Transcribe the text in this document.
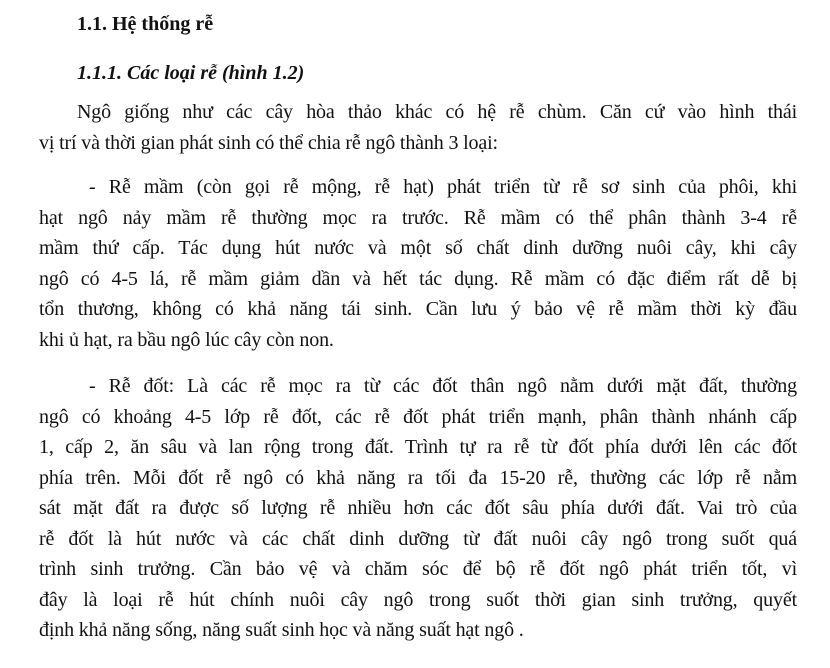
1.1. Hệ thống rễ
1.1.1. Các loại rễ (hình 1.2)
Ngô giống như các cây hòa thảo khác có hệ rễ chùm. Căn cứ vào hình thái
vị trí và thời gian phát sinh có thể chia rễ ngô thành 3 loại:
- Rễ mầm (còn gọi rễ mộng, rễ hạt) phát triển từ rễ sơ sinh của phôi, khi
hạt ngô nảy mầm rễ thường mọc ra trước. Rễ mầm có thể phân thành 3-4 rễ
mầm thứ cấp. Tác dụng hút nước và một số chất dinh dưỡng nuôi cây, khi cây
ngô có 4-5 lá, rễ mầm giảm dần và hết tác dụng. Rễ mầm có đặc điểm rất dễ bị
tổn thương, không có khả năng tái sinh. Cần lưu ý bảo vệ rễ mầm thời kỳ đầu
khi ủ hạt, ra bầu ngô lúc cây còn non.
- Rễ đốt: Là các rễ mọc ra từ các đốt thân ngô nằm dưới mặt đất, thường
ngô có khoảng 4-5 lớp rễ đốt, các rễ đốt phát triển mạnh, phân thành nhánh cấp
1, cấp 2, ăn sâu và lan rộng trong đất. Trình tự ra rễ từ đốt phía dưới lên các đốt
phía trên. Mỗi đốt rễ ngô có khả năng ra tối đa 15-20 rễ, thường các lớp rễ nằm
sát mặt đất ra được số lượng rễ nhiều hơn các đốt sâu phía dưới đất. Vai trò của
rễ đốt là hút nước và các chất dinh dưỡng từ đất nuôi cây ngô trong suốt quá
trình sinh trưởng. Cần bảo vệ và chăm sóc để bộ rễ đốt ngô phát triển tốt, vì
đây là loại rễ hút chính nuôi cây ngô trong suốt thời gian sinh trưởng, quyết
định khả năng sống, năng suất sinh học và năng suất hạt ngô .
